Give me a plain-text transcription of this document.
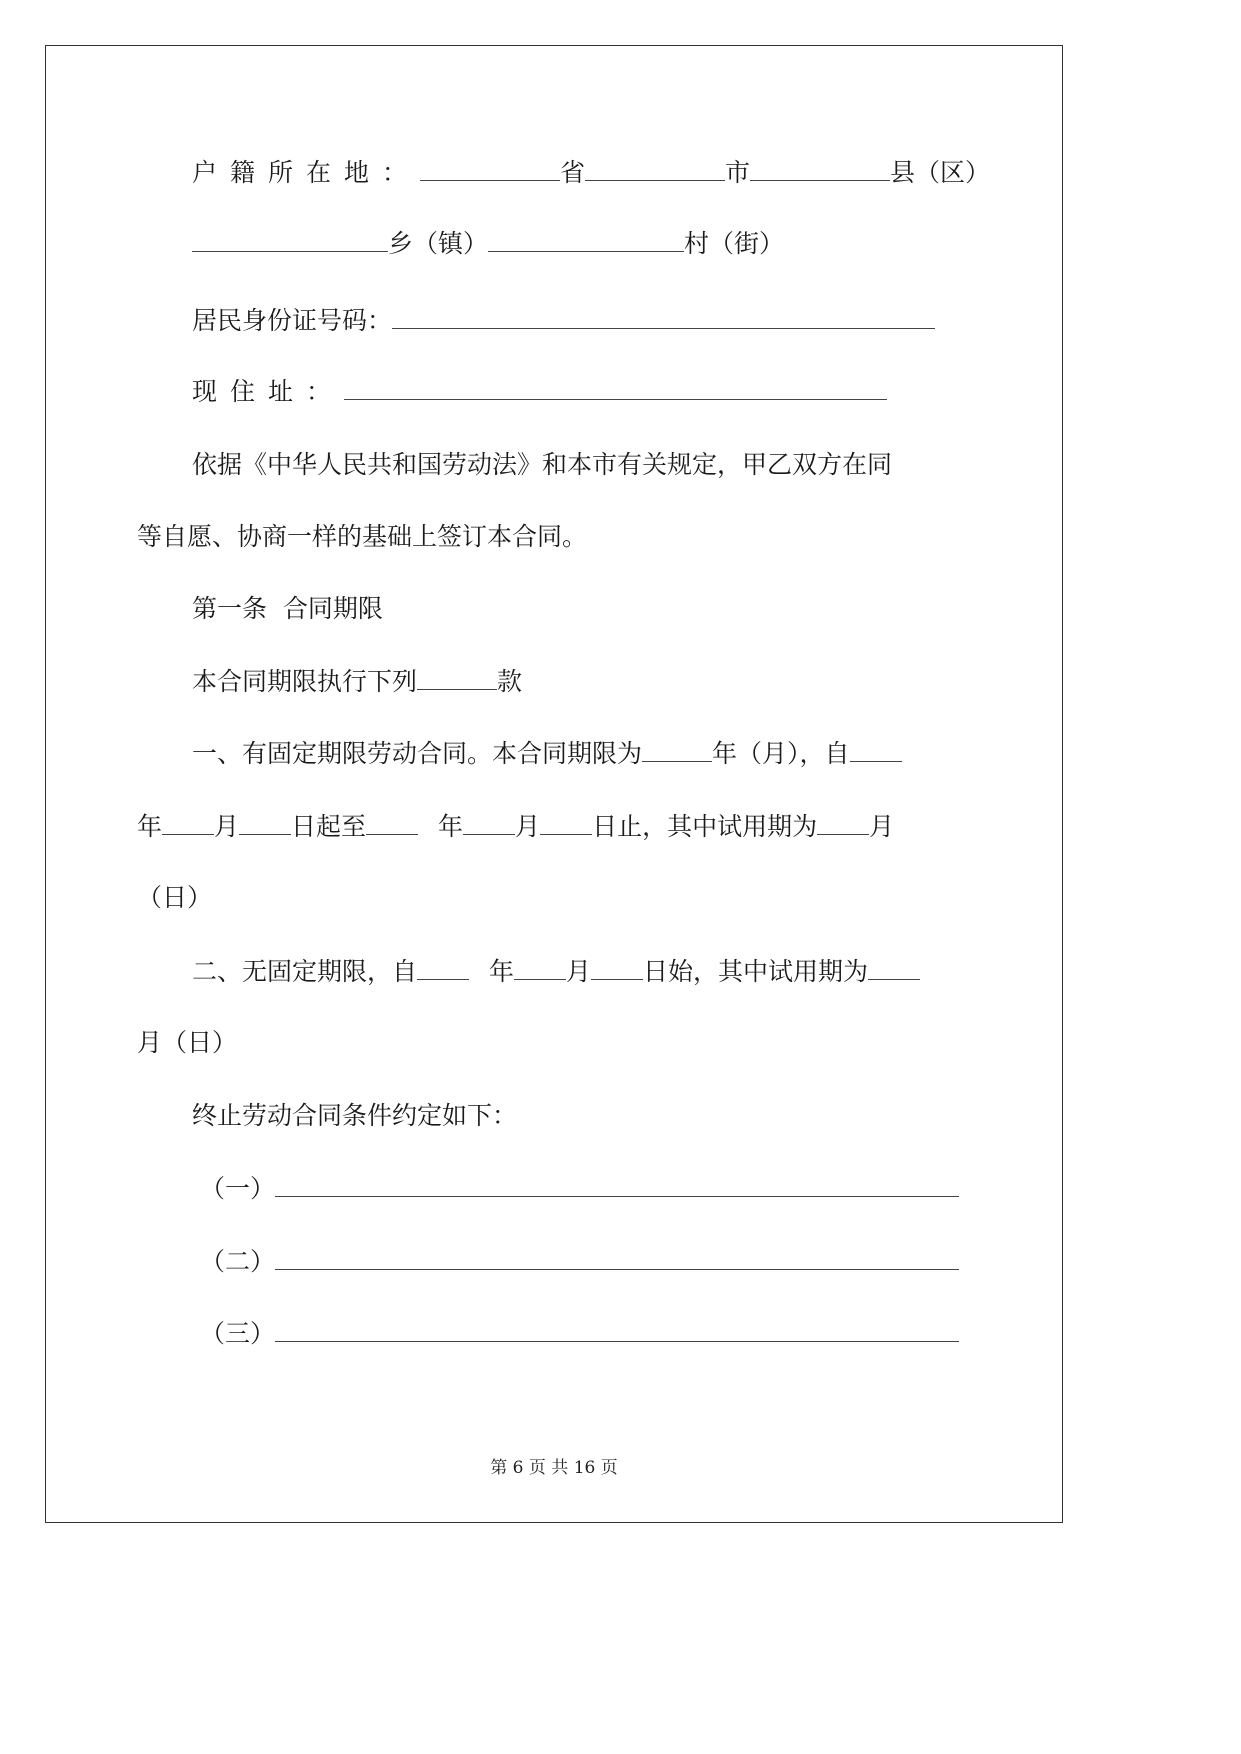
户籍所在地：	省	市	县（区）
乡（镇）	村（街）
居民身份证号码：
现住址：
依据《中华人民共和国劳动法》和本市有关规定，甲乙双方在同
等自愿、协商一样的基础上签订本合同。
第一条  合同期限
本合同期限执行下列	款
一、有固定期限劳动合同。本合同期限为	年（月），自
年 月 日起至	年 月 日止，其中试用期为 月
（日）
二、无固定期限，自	年 月 日始，其中试用期为
月（日）
终止劳动合同条件约定如下：
（一）
（二）
（三）
第 6 页 共 16 页
